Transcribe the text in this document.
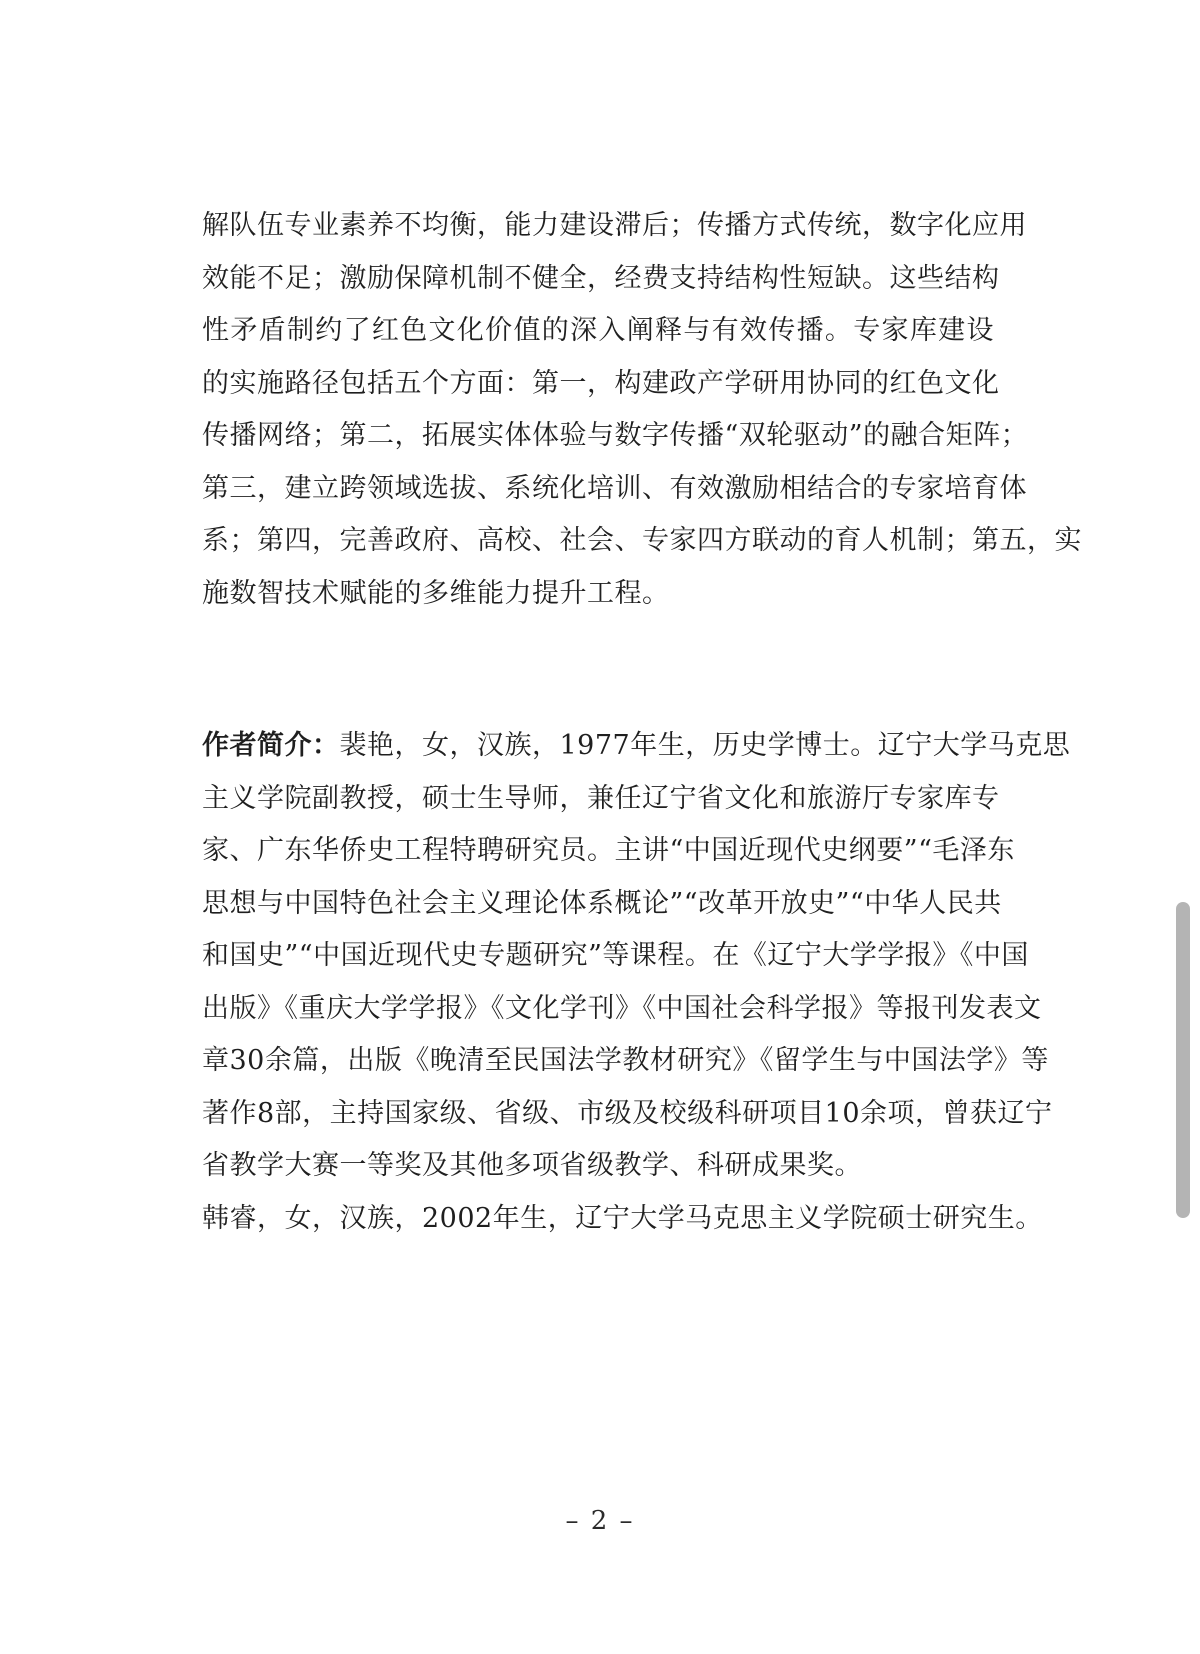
解队伍专业素养不均衡，能力建设滞后；传播方式传统，数字化应用
效能不足；激励保障机制不健全，经费支持结构性短缺。这些结构
性矛盾制约了红色文化价值的深入阐释与有效传播。专家库建设
的实施路径包括五个方面：第一，构建政产学研用协同的红色文化
传播网络；第二，拓展实体体验与数字传播“双轮驱动”的融合矩阵；
第三，建立跨领域选拔、系统化培训、有效激励相结合的专家培育体
系；第四，完善政府、高校、社会、专家四方联动的育人机制；第五，实
施数智技术赋能的多维能力提升工程。
作者简介：裴艳，女，汉族，1977年生，历史学博士。辽宁大学马克思
主义学院副教授，硕士生导师，兼任辽宁省文化和旅游厅专家库专
家、广东华侨史工程特聘研究员。主讲“中国近现代史纲要”“毛泽东
思想与中国特色社会主义理论体系概论”“改革开放史”“中华人民共
和国史”“中国近现代史专题研究”等课程。在《辽宁大学学报》《中国
出版》《重庆大学学报》《文化学刊》《中国社会科学报》等报刊发表文
章30余篇，出版《晚清至民国法学教材研究》《留学生与中国法学》等
著作8部，主持国家级、省级、市级及校级科研项目10余项，曾获辽宁
省教学大赛一等奖及其他多项省级教学、科研成果奖。
韩睿，女，汉族，2002年生，辽宁大学马克思主义学院硕士研究生。
– 2 –
